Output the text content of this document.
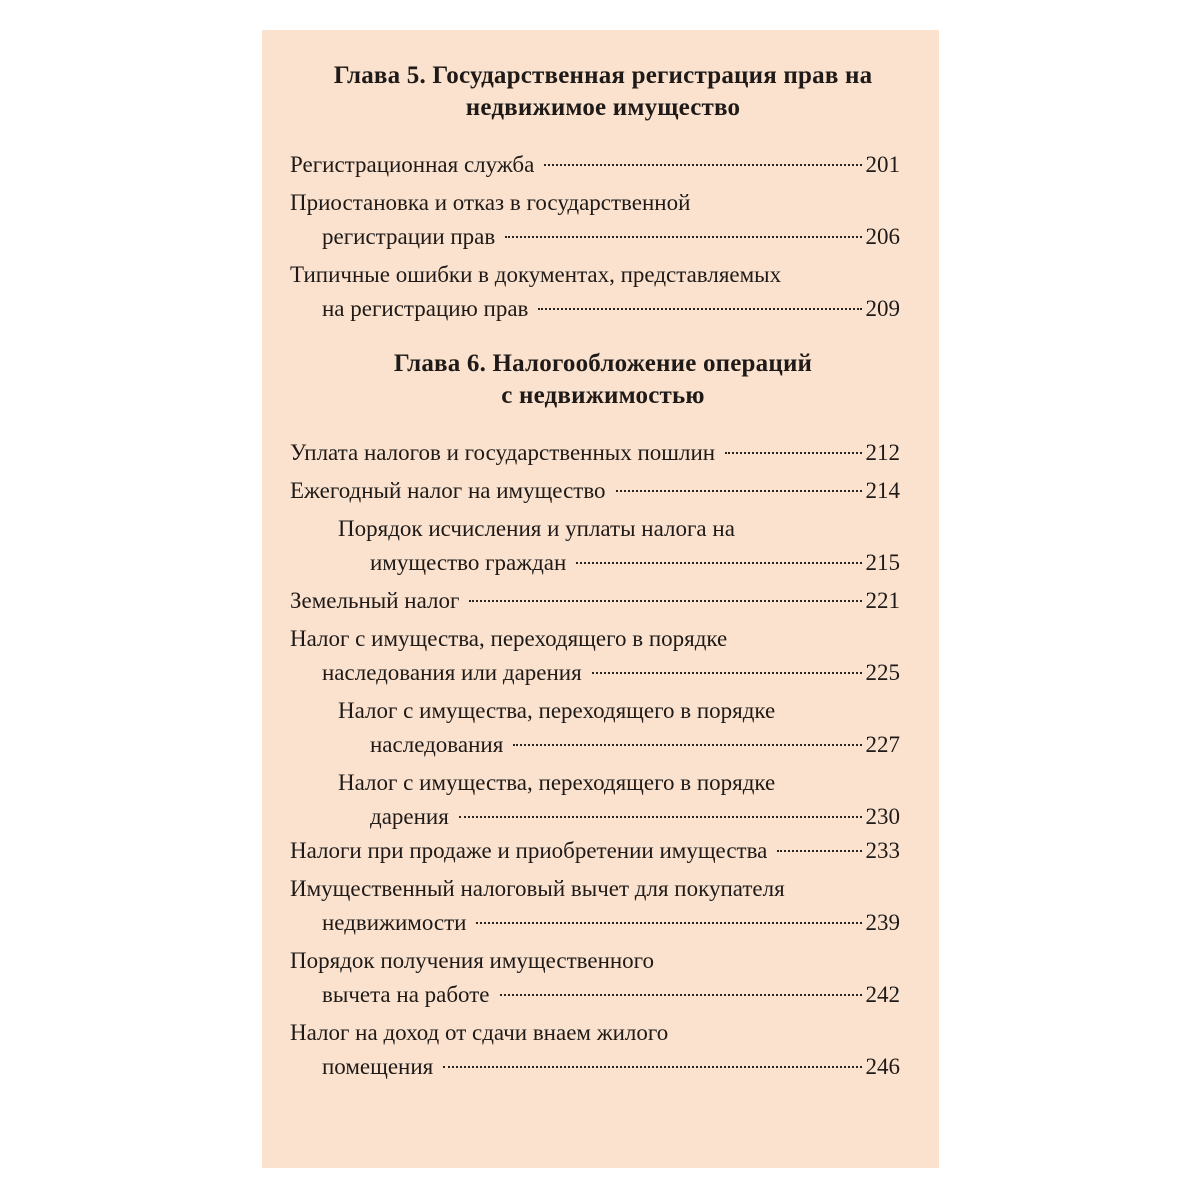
Глава 5. Государственная регистрация прав на
недвижимое имущество
Регистрационная служба	201
Приостановка и отказ в государственной
регистрации прав	206
Типичные ошибки в документах, представляемых
на регистрацию прав	209
Глава 6. Налогообложение операций
с недвижимостью
Уплата налогов и государственных пошлин	212
Ежегодный налог на имущество	214
Порядок исчисления и уплаты налога на
имущество граждан	215
Земельный налог	221
Налог с имущества, переходящего в порядке
наследования или дарения	225
Налог с имущества, переходящего в порядке
наследования	227
Налог с имущества, переходящего в порядке
дарения	230
Налоги при продаже и приобретении имущества	233
Имущественный налоговый вычет для покупателя
недвижимости	239
Порядок получения имущественного
вычета на работе	242
Налог на доход от сдачи внаем жилого
помещения	246
